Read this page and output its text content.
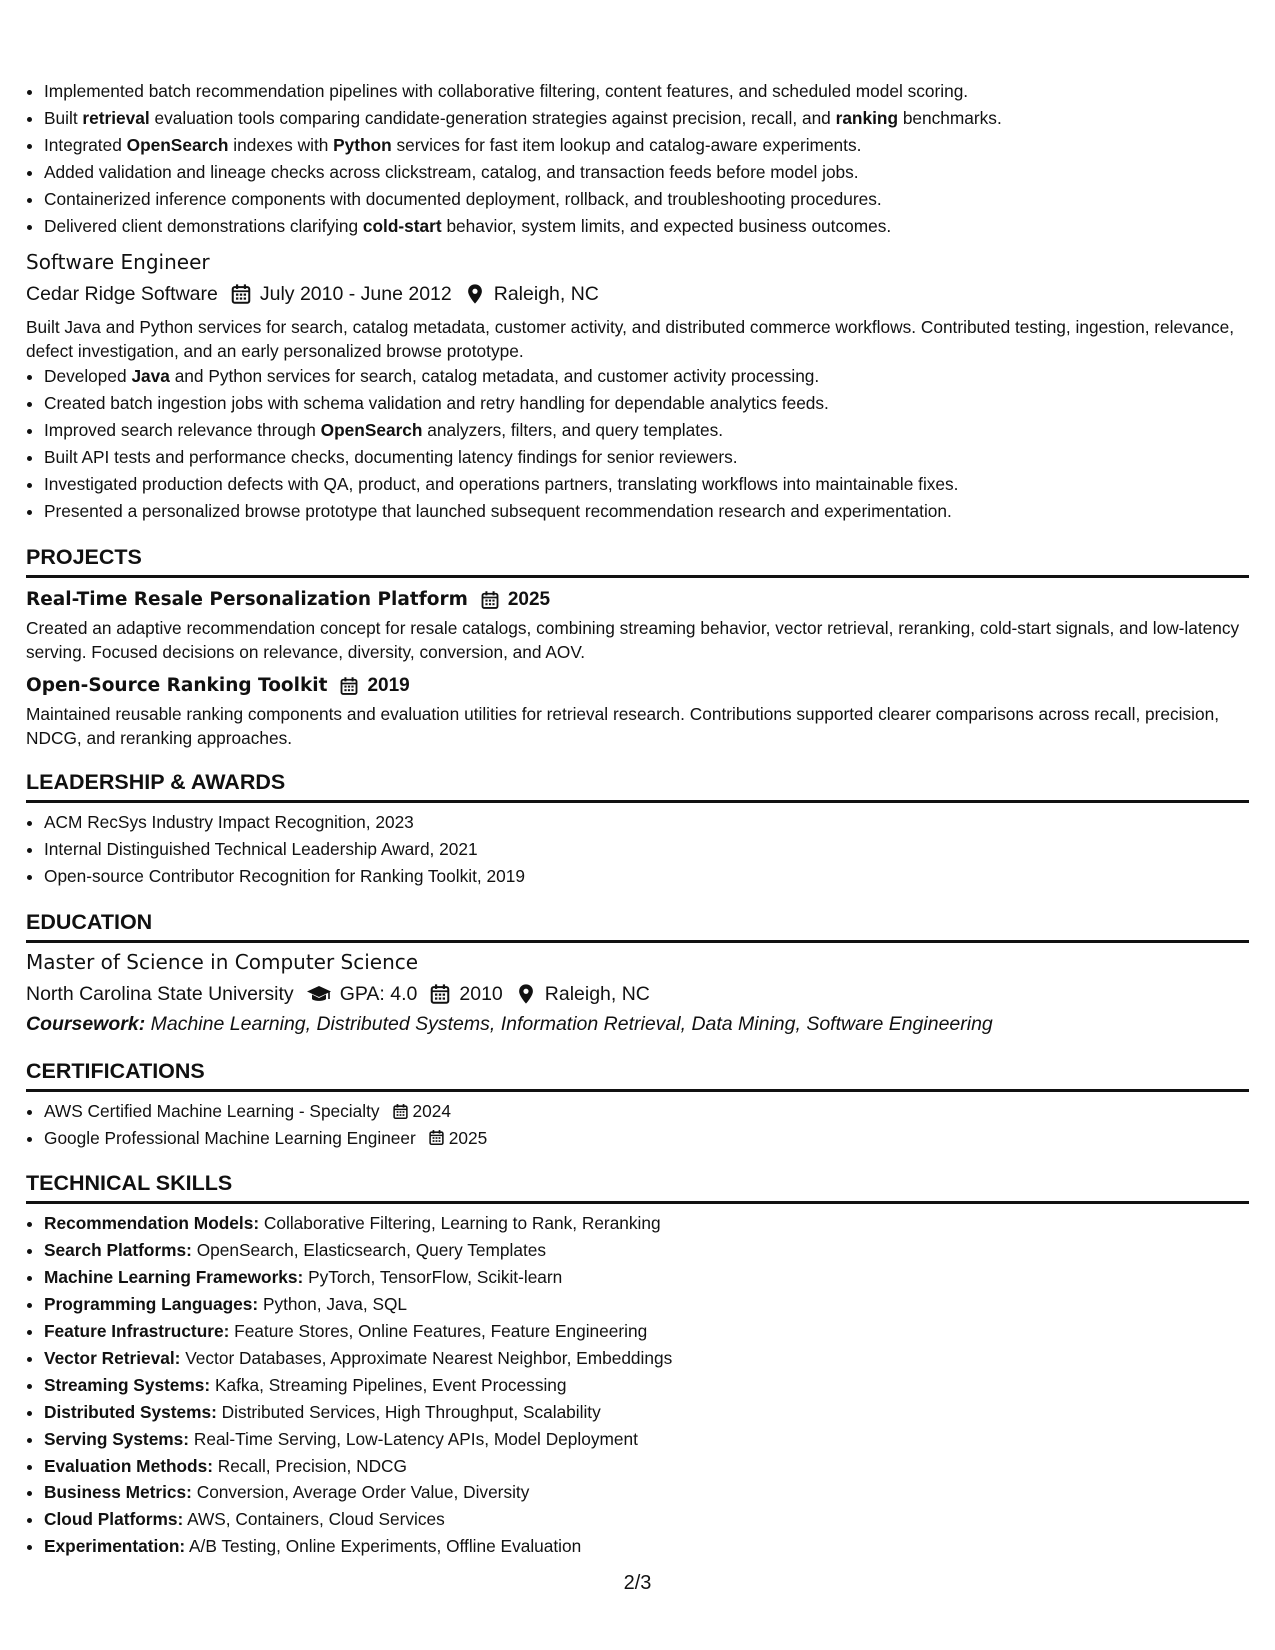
• Implemented batch recommendation pipelines with collaborative filtering, content features, and scheduled model scoring.
• Built retrieval evaluation tools comparing candidate-generation strategies against precision, recall, and ranking benchmarks.
• Integrated OpenSearch indexes with Python services for fast item lookup and catalog-aware experiments.
• Added validation and lineage checks across clickstream, catalog, and transaction feeds before model jobs.
• Containerized inference components with documented deployment, rollback, and troubleshooting procedures.
• Delivered client demonstrations clarifying cold-start behavior, system limits, and expected business outcomes.
Software Engineer
Cedar Ridge Software July 2010 - June 2012 Raleigh, NC
Built Java and Python services for search, catalog metadata, customer activity, and distributed commerce workflows. Contributed testing, ingestion, relevance, defect investigation, and an early personalized browse prototype.
• Developed Java and Python services for search, catalog metadata, and customer activity processing.
• Created batch ingestion jobs with schema validation and retry handling for dependable analytics feeds.
• Improved search relevance through OpenSearch analyzers, filters, and query templates.
• Built API tests and performance checks, documenting latency findings for senior reviewers.
• Investigated production defects with QA, product, and operations partners, translating workflows into maintainable fixes.
• Presented a personalized browse prototype that launched subsequent recommendation research and experimentation.
PROJECTS
Real-Time Resale Personalization Platform 2025
Created an adaptive recommendation concept for resale catalogs, combining streaming behavior, vector retrieval, reranking, cold-start signals, and low-latency serving. Focused decisions on relevance, diversity, conversion, and AOV.
Open-Source Ranking Toolkit 2019
Maintained reusable ranking components and evaluation utilities for retrieval research. Contributions supported clearer comparisons across recall, precision, NDCG, and reranking approaches.
LEADERSHIP & AWARDS
• ACM RecSys Industry Impact Recognition, 2023
• Internal Distinguished Technical Leadership Award, 2021
• Open-source Contributor Recognition for Ranking Toolkit, 2019
EDUCATION
Master of Science in Computer Science
North Carolina State University GPA: 4.0 2010 Raleigh, NC
Coursework: Machine Learning, Distributed Systems, Information Retrieval, Data Mining, Software Engineering
CERTIFICATIONS
• AWS Certified Machine Learning - Specialty 2024
• Google Professional Machine Learning Engineer 2025
TECHNICAL SKILLS
• Recommendation Models: Collaborative Filtering, Learning to Rank, Reranking
• Search Platforms: OpenSearch, Elasticsearch, Query Templates
• Machine Learning Frameworks: PyTorch, TensorFlow, Scikit-learn
• Programming Languages: Python, Java, SQL
• Feature Infrastructure: Feature Stores, Online Features, Feature Engineering
• Vector Retrieval: Vector Databases, Approximate Nearest Neighbor, Embeddings
• Streaming Systems: Kafka, Streaming Pipelines, Event Processing
• Distributed Systems: Distributed Services, High Throughput, Scalability
• Serving Systems: Real-Time Serving, Low-Latency APIs, Model Deployment
• Evaluation Methods: Recall, Precision, NDCG
• Business Metrics: Conversion, Average Order Value, Diversity
• Cloud Platforms: AWS, Containers, Cloud Services
• Experimentation: A/B Testing, Online Experiments, Offline Evaluation
2/3
